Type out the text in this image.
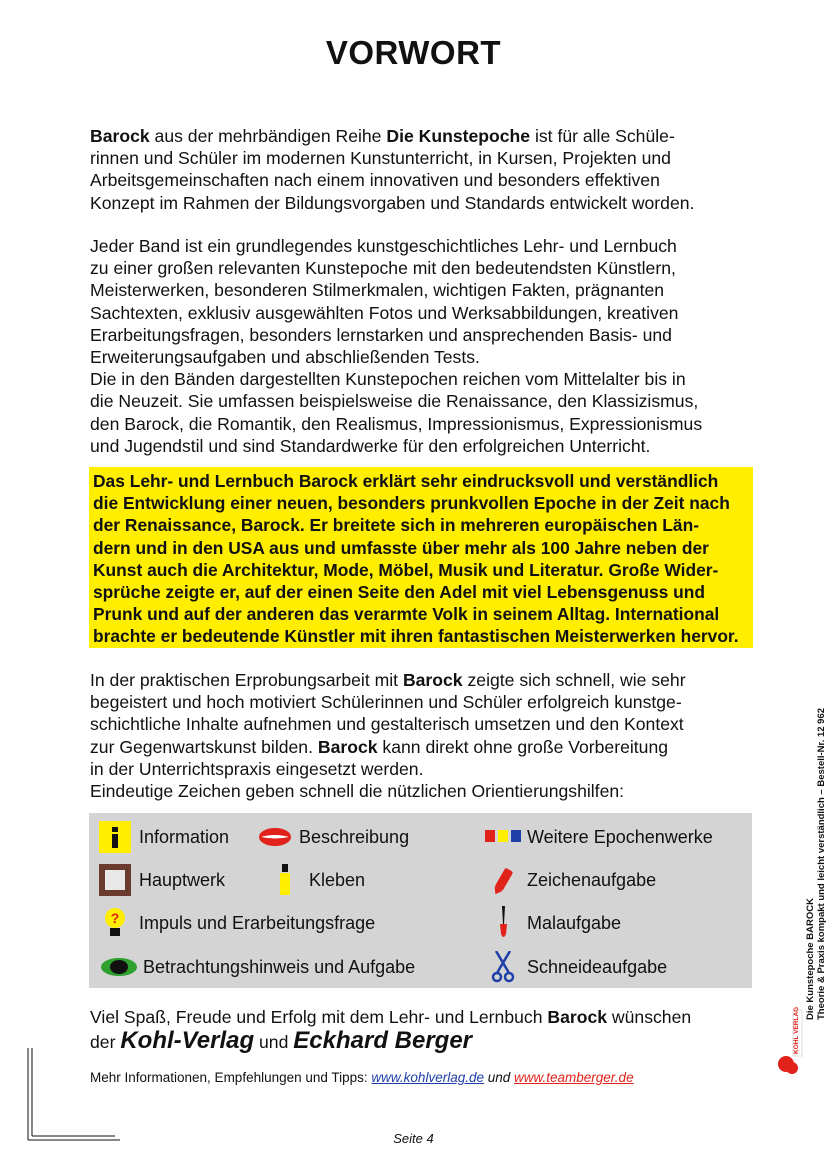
VORWORT
Barock aus der mehrbändigen Reihe Die Kunstepoche ist für alle Schüle-
rinnen und Schüler im modernen Kunstunterricht, in Kursen, Projekten und
Arbeitsgemeinschaften nach einem innovativen und besonders effektiven
Konzept im Rahmen der Bildungsvorgaben und Standards entwickelt worden.
Jeder Band ist ein grundlegendes kunstgeschichtliches Lehr- und Lernbuch
zu einer großen relevanten Kunstepoche mit den bedeutendsten Künstlern,
Meisterwerken, besonderen Stilmerkmalen, wichtigen Fakten, prägnanten
Sachtexten, exklusiv ausgewählten Fotos und Werksabbildungen, kreativen
Erarbeitungsfragen, besonders lernstarken und ansprechenden Basis- und
Erweiterungsaufgaben und abschließenden Tests.
Die in den Bänden dargestellten Kunstepochen reichen vom Mittelalter bis in
die Neuzeit. Sie umfassen beispielsweise die Renaissance, den Klassizismus,
den Barock, die Romantik, den Realismus, Impressionismus, Expressionismus
und Jugendstil und sind Standardwerke für den erfolgreichen Unterricht.
Das Lehr- und Lernbuch Barock erklärt sehr eindrucksvoll und verständlich
die Entwicklung einer neuen, besonders prunkvollen Epoche in der Zeit nach
der Renaissance, Barock. Er breitete sich in mehreren europäischen Län-
dern und in den USA aus und umfasste über mehr als 100 Jahre neben der
Kunst auch die Architektur, Mode, Möbel, Musik und Literatur. Große Wider-
sprüche zeigte er, auf der einen Seite den Adel mit viel Lebensgenuss und
Prunk und auf der anderen das verarmte Volk in seinem Alltag. International
brachte er bedeutende Künstler mit ihren fantastischen Meisterwerken hervor.
In der praktischen Erprobungsarbeit mit Barock zeigte sich schnell, wie sehr
begeistert und hoch motiviert Schülerinnen und Schüler erfolgreich kunstge-
schichtliche Inhalte aufnehmen und gestalterisch umsetzen und den Kontext
zur Gegenwartskunst bilden. Barock kann direkt ohne große Vorbereitung
in der Unterrichtspraxis eingesetzt werden.
Eindeutige Zeichen geben schnell die nützlichen Orientierungshilfen:
Information	Beschreibung	Weitere Epochenwerke
Hauptwerk	Kleben	Zeichenaufgabe
? Impuls und Erarbeitungsfrage	Malaufgabe
Betrachtungshinweis und Aufgabe	Schneideaufgabe
Viel Spaß, Freude und Erfolg mit dem Lehr- und Lernbuch Barock wünschen
der Kohl-Verlag und Eckhard Berger
Mehr Informationen, Empfehlungen und Tipps: www.kohlverlag.de und www.teamberger.de
Seite 4
Die Kunstepoche BAROCK Theorie & Praxis kompakt und leicht verständlich – Bestell-Nr. 12 962
KOHL VERLAG
